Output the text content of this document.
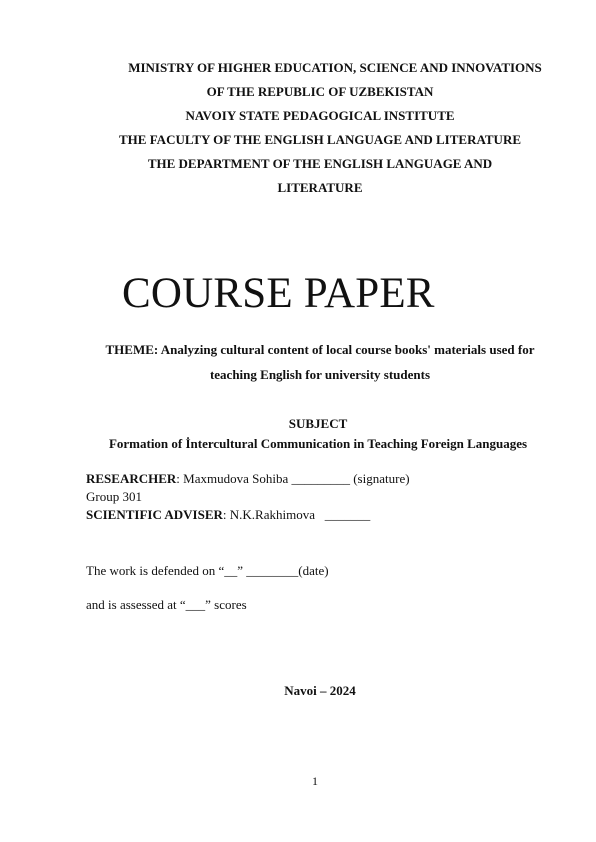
MINISTRY OF HIGHER EDUCATION, SCIENCE AND INNOVATIONS
OF THE REPUBLIC OF UZBEKISTAN
NAVOIY STATE PEDAGOGICAL INSTITUTE
THE FACULTY OF THE ENGLISH LANGUAGE AND LITERATURE
THE DEPARTMENT OF THE ENGLISH LANGUAGE AND
LITERATURE
COURSE PAPER
THEME: Analyzing cultural content of local course books' materials used for
teaching English for university students
SUBJECT
Formation of İntercultural Communication in Teaching Foreign Languages
RESEARCHER: Maxmudova Sohiba _________ (signature)
Group 301
SCIENTIFIC ADVISER: N.K.Rakhimova   _______
The work is defended on “__” ________(date)
and is assessed at “___” scores
Navoi – 2024
1
